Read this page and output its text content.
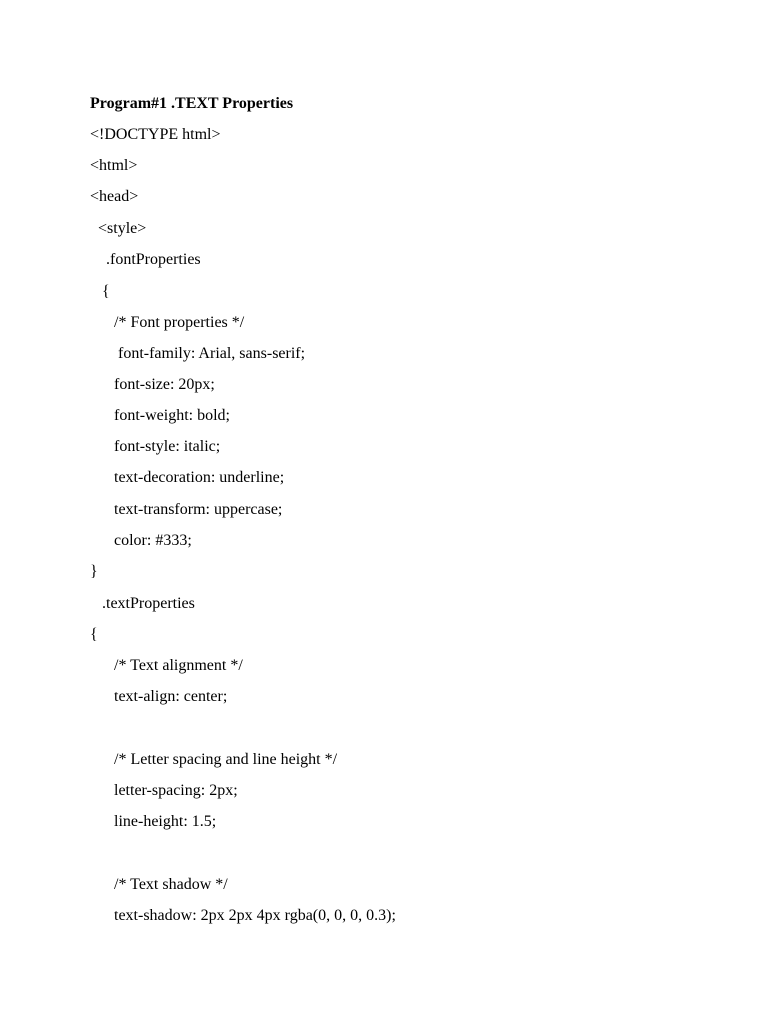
Program#1 .TEXT Properties
<!DOCTYPE html>
<html>
<head>
<style>
.fontProperties
{
/* Font properties */
font-family: Arial, sans-serif;
font-size: 20px;
font-weight: bold;
font-style: italic;
text-decoration: underline;
text-transform: uppercase;
color: #333;
}
.textProperties
{
/* Text alignment */
text-align: center;
/* Letter spacing and line height */
letter-spacing: 2px;
line-height: 1.5;
/* Text shadow */
text-shadow: 2px 2px 4px rgba(0, 0, 0, 0.3);
